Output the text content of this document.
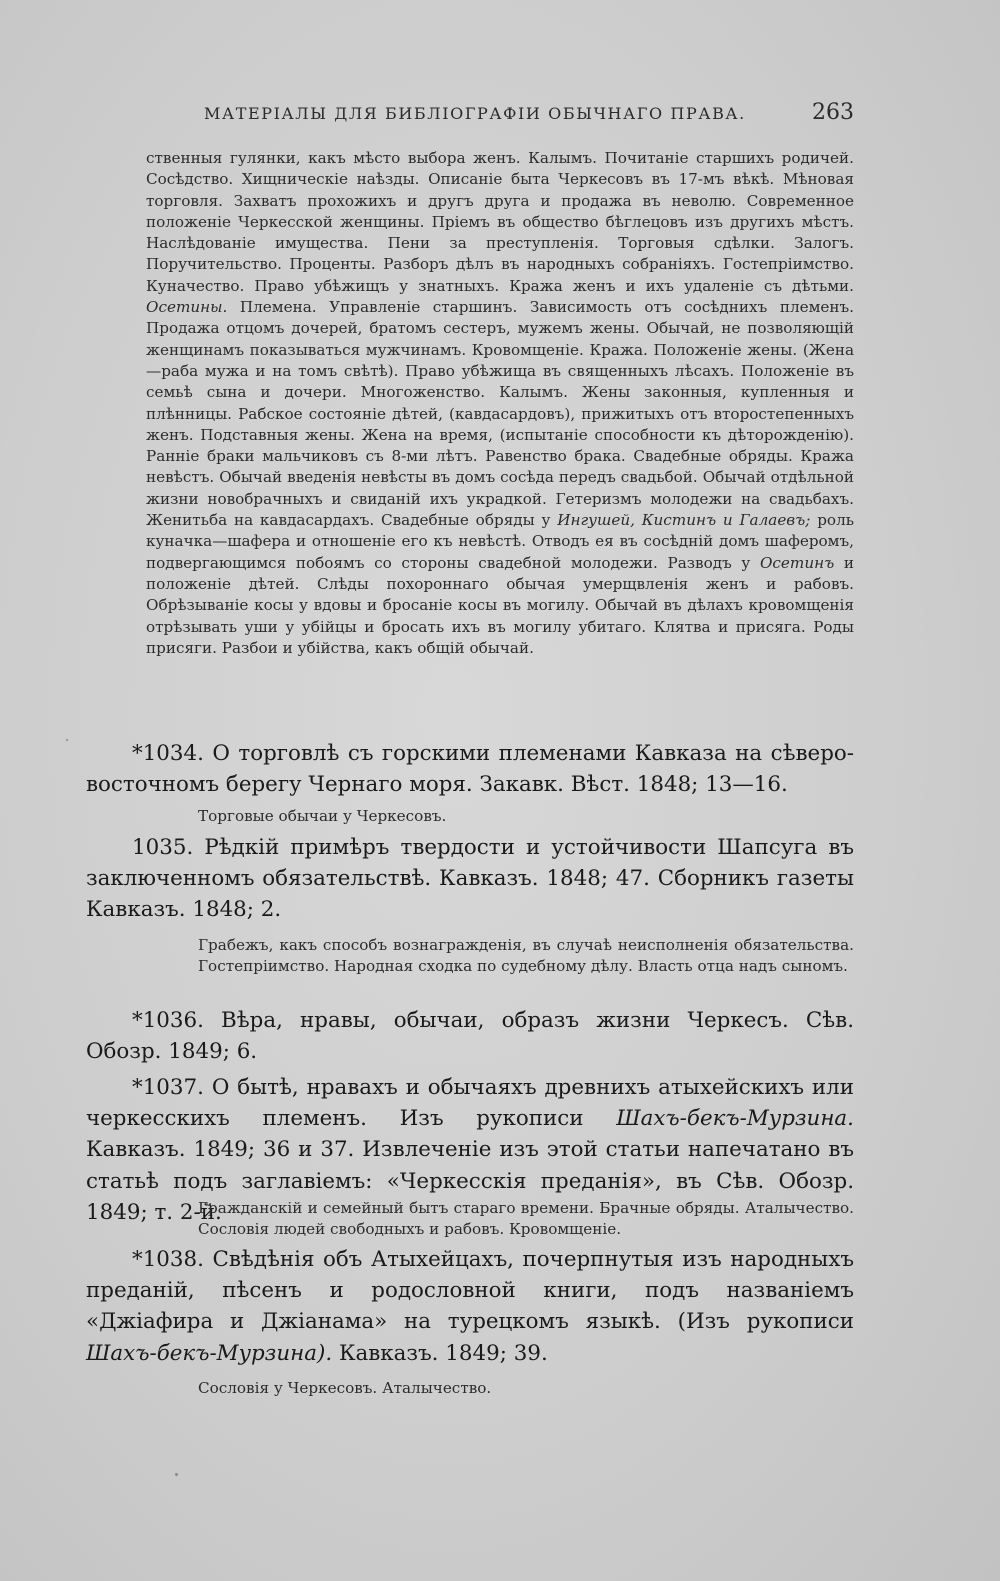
МАТЕРІАЛЫ ДЛЯ БИБЛІОГРАФІИ ОБЫЧНАГО ПРАВА.	263
ственныя гулянки, какъ мѣсто выбора женъ. Калымъ. Почитаніе старшихъ родичей. Сосѣдство. Хищническіе наѣзды. Описаніе быта Черкесовъ въ 17-мъ вѣкѣ. Мѣновая торговля. Захватъ прохожихъ и другъ друга и продажа въ неволю. Современное положеніе Черкесской женщины. Пріемъ въ общество бѣглецовъ изъ другихъ мѣстъ. Наслѣдованіе имущества. Пени за преступленія. Торговыя сдѣлки. Залогъ. Поручительство. Проценты. Разборъ дѣлъ въ народныхъ собраніяхъ. Гостепріимство. Куначество. Право убѣжищъ у знатныхъ. Кража женъ и ихъ удаленіе съ дѣтьми. Осетины. Племена. Управленіе старшинъ. Зависимость отъ сосѣднихъ племенъ. Продажа отцомъ дочерей, братомъ сестеръ, мужемъ жены. Обычай, не позволяющій женщинамъ показываться мужчинамъ. Кровомщеніе. Кража. Положеніе жены. (Жена—раба мужа и на томъ свѣтѣ). Право убѣжища въ священныхъ лѣсахъ. Положеніе въ семьѣ сына и дочери. Многоженство. Калымъ. Жены законныя, купленныя и плѣнницы. Рабское состояніе дѣтей, (кавдасардовъ), прижитыхъ отъ второстепенныхъ женъ. Подставныя жены. Жена на время, (испытаніе способности къ дѣторожденію). Ранніе браки мальчиковъ съ 8-ми лѣтъ. Равенство брака. Свадебные обряды. Кража невѣстъ. Обычай введенія невѣсты въ домъ сосѣда передъ свадьбой. Обычай отдѣльной жизни новобрачныхъ и свиданій ихъ украдкой. Гетеризмъ молодежи на свадьбахъ. Женитьба на кавдасардахъ. Свадебные обряды у Ингушей, Кистинъ и Галаевъ; роль куначка—шафера и отношеніе его къ невѣстѣ. Отводъ ея въ сосѣдній домъ шаферомъ, подвергающимся побоямъ со стороны свадебной молодежи. Разводъ у Осетинъ и положеніе дѣтей. Слѣды похороннаго обычая умерщвленія женъ и рабовъ. Обрѣзываніе косы у вдовы и бросаніе косы въ могилу. Обычай въ дѣлахъ кровомщенія отрѣзывать уши у убійцы и бросать ихъ въ могилу убитаго. Клятва и присяга. Роды присяги. Разбои и убійства, какъ общій обычай.
*1034. О торговлѣ съ горскими племенами Кавказа на сѣверо-восточномъ берегу Чернаго моря. Закавк. Вѣст. 1848; 13—16.
Торговые обычаи у Черкесовъ.
1035. Рѣдкій примѣръ твердости и устойчивости Шапсуга въ заключенномъ обязательствѣ. Кавказъ. 1848; 47. Сборникъ газеты Кавказъ. 1848; 2.
Грабежъ, какъ способъ вознагражденія, въ случаѣ неисполненія обязательства. Гостепріимство. Народная сходка по судебному дѣлу. Власть отца надъ сыномъ.
*1036. Вѣра, нравы, обычаи, образъ жизни Черкесъ. Сѣв. Обозр. 1849; 6.
*1037. О бытѣ, нравахъ и обычаяхъ древнихъ атыхейскихъ или черкесскихъ племенъ. Изъ рукописи Шахъ-бекъ-Мурзина. Кавказъ. 1849; 36 и 37. Извлеченіе изъ этой статьи напечатано въ статьѣ подъ заглавіемъ: «Черкесскія преданія», въ Сѣв. Обозр. 1849; т. 2-й.
Гражданскій и семейный бытъ стараго времени. Брачные обряды. Аталычество. Сословія людей свободныхъ и рабовъ. Кровомщеніе.
*1038. Свѣдѣнія объ Атыхейцахъ, почерпнутыя изъ народныхъ преданій, пѣсенъ и родословной книги, подъ названіемъ «Джіафира и Джіанама» на турецкомъ языкѣ. (Изъ рукописи Шахъ-бекъ-Мурзина). Кавказъ. 1849; 39.
Сословія у Черкесовъ. Аталычество.
